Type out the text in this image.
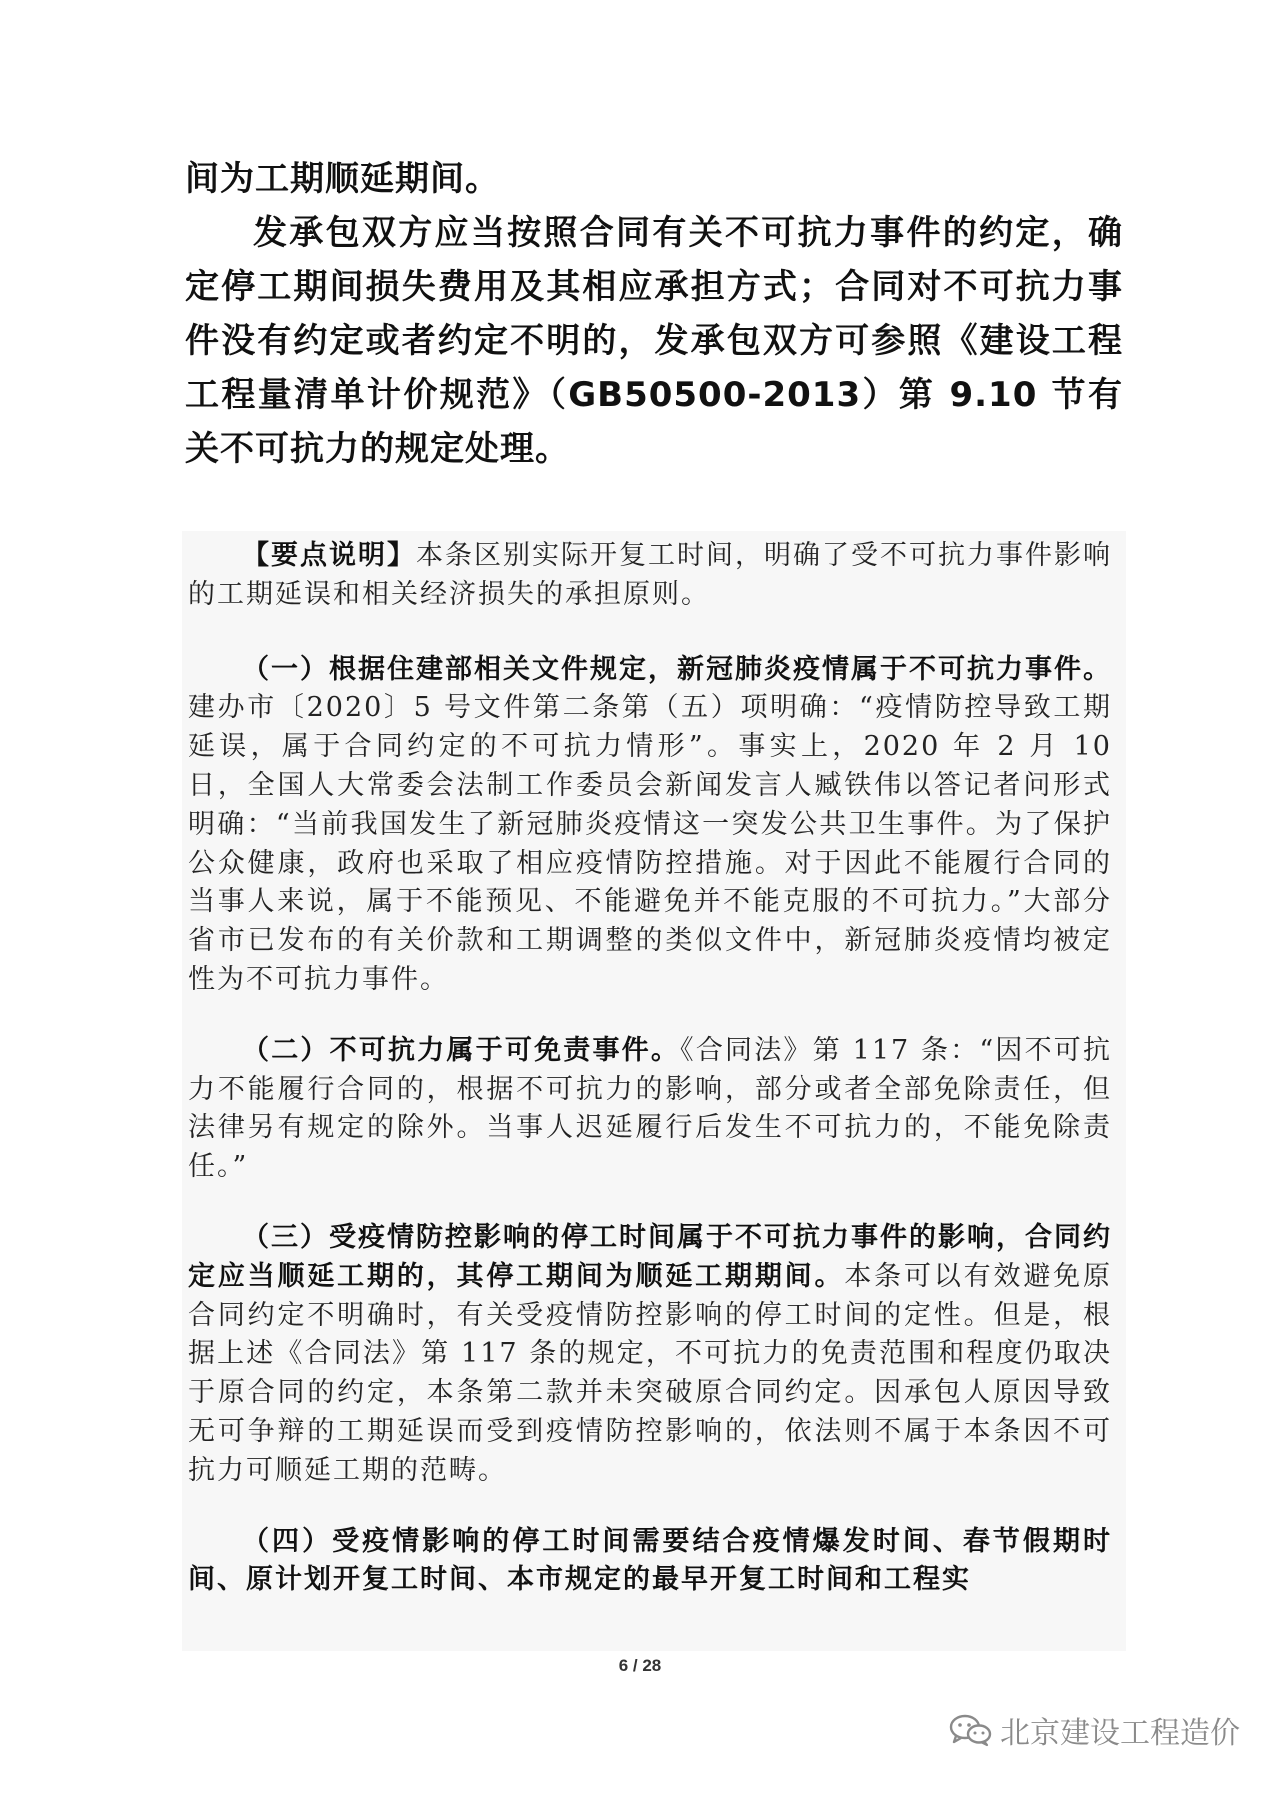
间为工期顺延期间。

发承包双方应当按照合同有关不可抗力事件的约定，确定停工期间损失费用及其相应承担方式；合同对不可抗力事件没有约定或者约定不明的，发承包双方可参照《建设工程工程量清单计价规范》（GB50500-2013）第 9.10 节有关不可抗力的规定处理。

【要点说明】本条区别实际开复工时间，明确了受不可抗力事件影响的工期延误和相关经济损失的承担原则。

（一）根据住建部相关文件规定，新冠肺炎疫情属于不可抗力事件。建办市〔2020〕5 号文件第二条第（五）项明确：“疫情防控导致工期延误，属于合同约定的不可抗力情形”。事实上，2020 年 2 月 10 日，全国人大常委会法制工作委员会新闻发言人臧铁伟以答记者问形式明确：“当前我国发生了新冠肺炎疫情这一突发公共卫生事件。为了保护公众健康，政府也采取了相应疫情防控措施。对于因此不能履行合同的当事人来说，属于不能预见、不能避免并不能克服的不可抗力。”大部分省市已发布的有关价款和工期调整的类似文件中，新冠肺炎疫情均被定性为不可抗力事件。

（二）不可抗力属于可免责事件。《合同法》第 117 条：“因不可抗力不能履行合同的，根据不可抗力的影响，部分或者全部免除责任，但法律另有规定的除外。当事人迟延履行后发生不可抗力的，不能免除责任。”

（三）受疫情防控影响的停工时间属于不可抗力事件的影响，合同约定应当顺延工期的，其停工期间为顺延工期期间。本条可以有效避免原合同约定不明确时，有关受疫情防控影响的停工时间的定性。但是，根据上述《合同法》第 117 条的规定，不可抗力的免责范围和程度仍取决于原合同的约定，本条第二款并未突破原合同约定。因承包人原因导致无可争辩的工期延误而受到疫情防控影响的，依法则不属于本条因不可抗力可顺延工期的范畴。

（四）受疫情影响的停工时间需要结合疫情爆发时间、春节假期时间、原计划开复工时间、本市规定的最早开复工时间和工程实

6 / 28
北京建设工程造价
